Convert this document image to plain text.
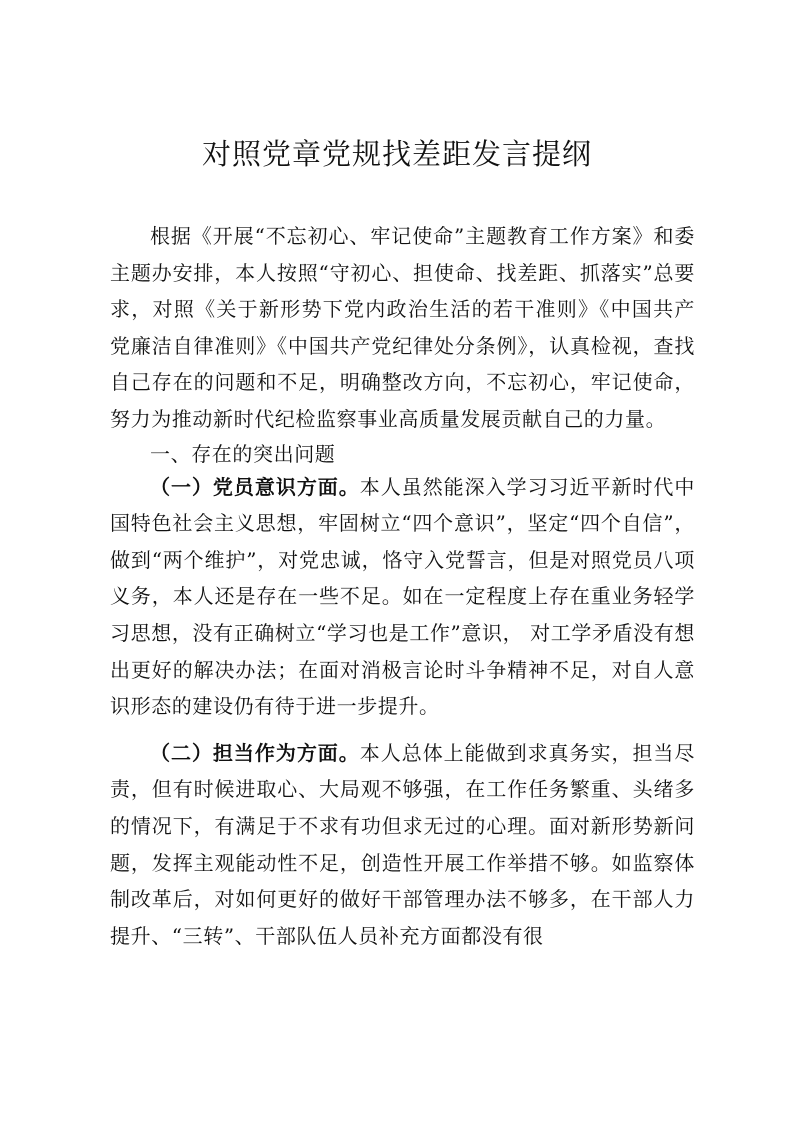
对照党章党规找差距发言提纲

根据《开展“不忘初心、牢记使命”主题教育工作方案》和委主题办安排，本人按照“守初心、担使命、找差距、抓落实”总要求，对照《关于新形势下党内政治生活的若干准则》《中国共产党廉洁自律准则》《中国共产党纪律处分条例》，认真检视，查找自己存在的问题和不足，明确整改方向，不忘初心，牢记使命，努力为推动新时代纪检监察事业高质量发展贡献自己的力量。

一、存在的突出问题

（一）党员意识方面。本人虽然能深入学习习近平新时代中国特色社会主义思想，牢固树立“四个意识”，坚定“四个自信”，做到“两个维护”，对党忠诚，恪守入党誓言，但是对照党员八项义务，本人还是存在一些不足。如在一定程度上存在重业务轻学习思想，没有正确树立“学习也是工作”意识， 对工学矛盾没有想出更好的解决办法；在面对消极言论时斗争精神不足，对自人意识形态的建设仍有待于进一步提升。

（二）担当作为方面。本人总体上能做到求真务实，担当尽责，但有时候进取心、大局观不够强，在工作任务繁重、头绪多的情况下，有满足于不求有功但求无过的心理。面对新形势新问题，发挥主观能动性不足，创造性开展工作举措不够。如监察体制改革后，对如何更好的做好干部管理办法不够多，在干部人力提升、“三转”、干部队伍人员补充方面都没有很
